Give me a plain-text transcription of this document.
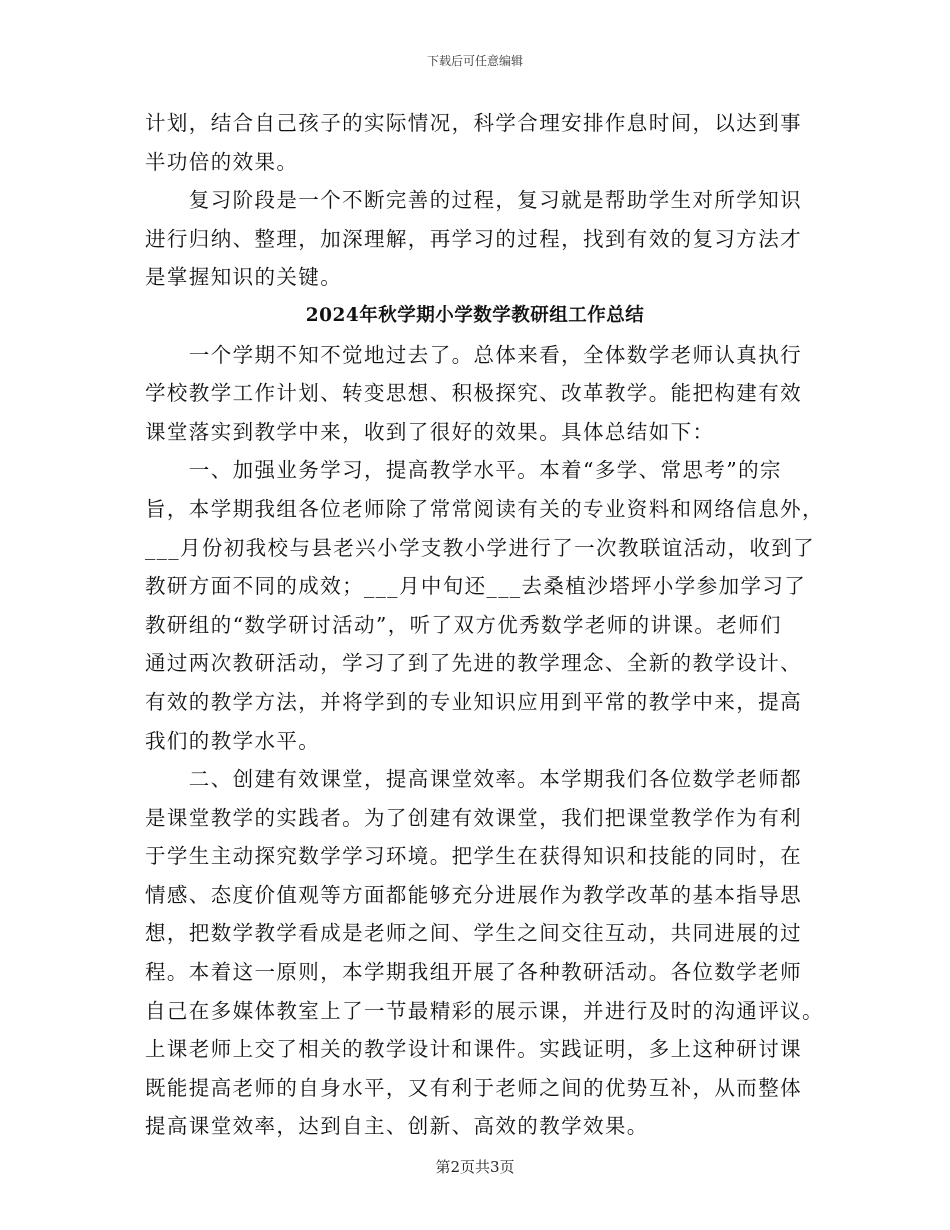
下载后可任意编辑
计划，结合自己孩子的实际情况，科学合理安排作息时间，以达到事
半功倍的效果。
　　复习阶段是一个不断完善的过程，复习就是帮助学生对所学知识
进行归纳、整理，加深理解，再学习的过程，找到有效的复习方法才
是掌握知识的关键。
2024年秋学期小学数学教研组工作总结
　　一个学期不知不觉地过去了。总体来看，全体数学老师认真执行
学校教学工作计划、转变思想、积极探究、改革教学。能把构建有效
课堂落实到教学中来，收到了很好的效果。具体总结如下：
　　一、加强业务学习，提高教学水平。本着“多学、常思考”的宗
旨，本学期我组各位老师除了常常阅读有关的专业资料和网络信息外，
___月份初我校与县老兴小学支教小学进行了一次教联谊活动，收到了
教研方面不同的成效；___月中旬还___去桑植沙塔坪小学参加学习了
教研组的“数学研讨活动”，听了双方优秀数学老师的讲课。老师们
通过两次教研活动，学习了到了先进的教学理念、全新的教学设计、
有效的教学方法，并将学到的专业知识应用到平常的教学中来，提高
我们的教学水平。
　　二、创建有效课堂，提高课堂效率。本学期我们各位数学老师都
是课堂教学的实践者。为了创建有效课堂，我们把课堂教学作为有利
于学生主动探究数学学习环境。把学生在获得知识和技能的同时，在
情感、态度价值观等方面都能够充分进展作为教学改革的基本指导思
想，把数学教学看成是老师之间、学生之间交往互动，共同进展的过
程。本着这一原则，本学期我组开展了各种教研活动。各位数学老师
自己在多媒体教室上了一节最精彩的展示课，并进行及时的沟通评议。
上课老师上交了相关的教学设计和课件。实践证明，多上这种研讨课
既能提高老师的自身水平，又有利于老师之间的优势互补，从而整体
提高课堂效率，达到自主、创新、高效的教学效果。
第2页共3页
